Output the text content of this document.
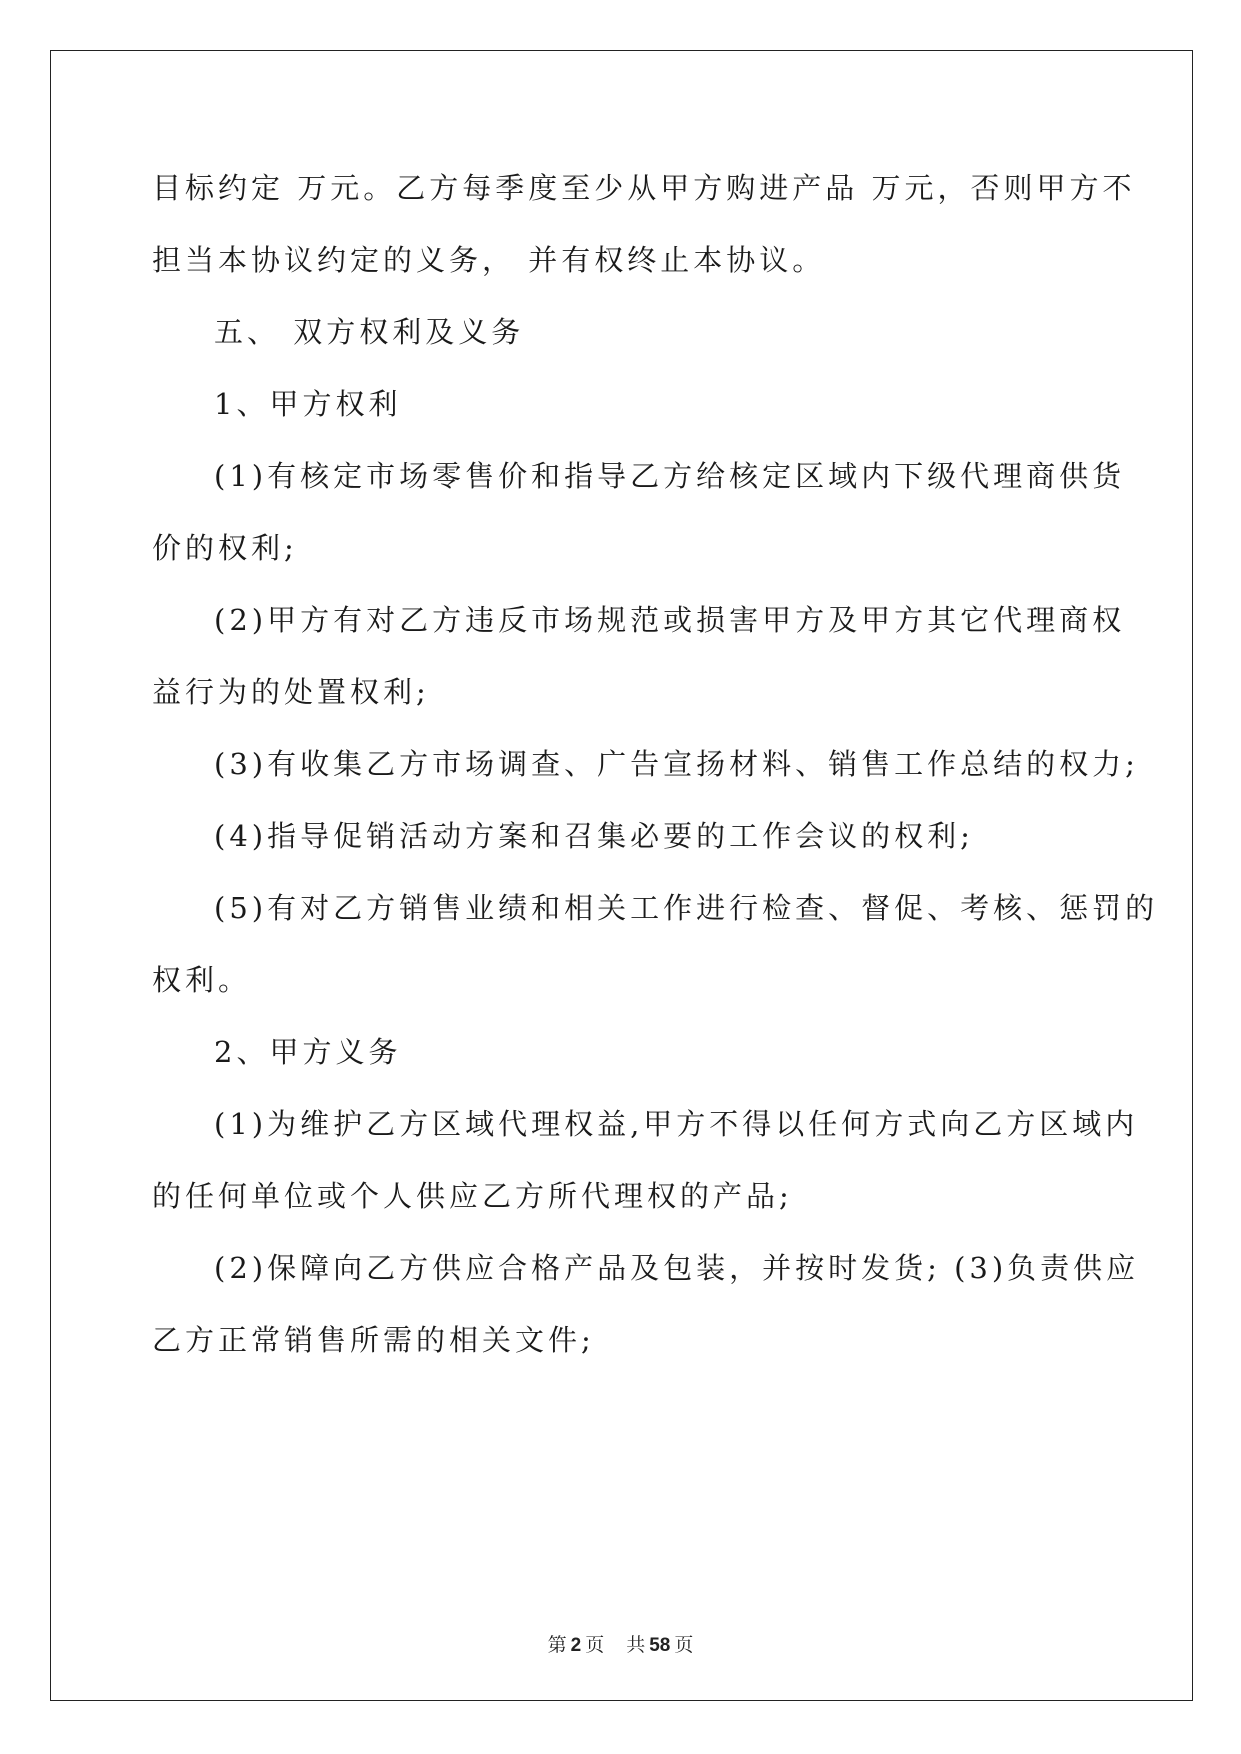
目标约定 万元。乙方每季度至少从甲方购进产品 万元，否则甲方不
担当本协议约定的义务， 并有权终止本协议。
五、 双方权利及义务
1、甲方权利
(1)有核定市场零售价和指导乙方给核定区域内下级代理商供货
价的权利;
(2)甲方有对乙方违反市场规范或损害甲方及甲方其它代理商权
益行为的处置权利;
(3)有收集乙方市场调查、广告宣扬材料、销售工作总结的权力;
(4)指导促销活动方案和召集必要的工作会议的权利;
(5)有对乙方销售业绩和相关工作进行检查、督促、考核、惩罚的
权利。
2、甲方义务
(1)为维护乙方区域代理权益,甲方不得以任何方式向乙方区域内
的任何单位或个人供应乙方所代理权的产品;
(2)保障向乙方供应合格产品及包装，并按时发货; (3)负责供应
乙方正常销售所需的相关文件;
第 2 页 共 58 页
